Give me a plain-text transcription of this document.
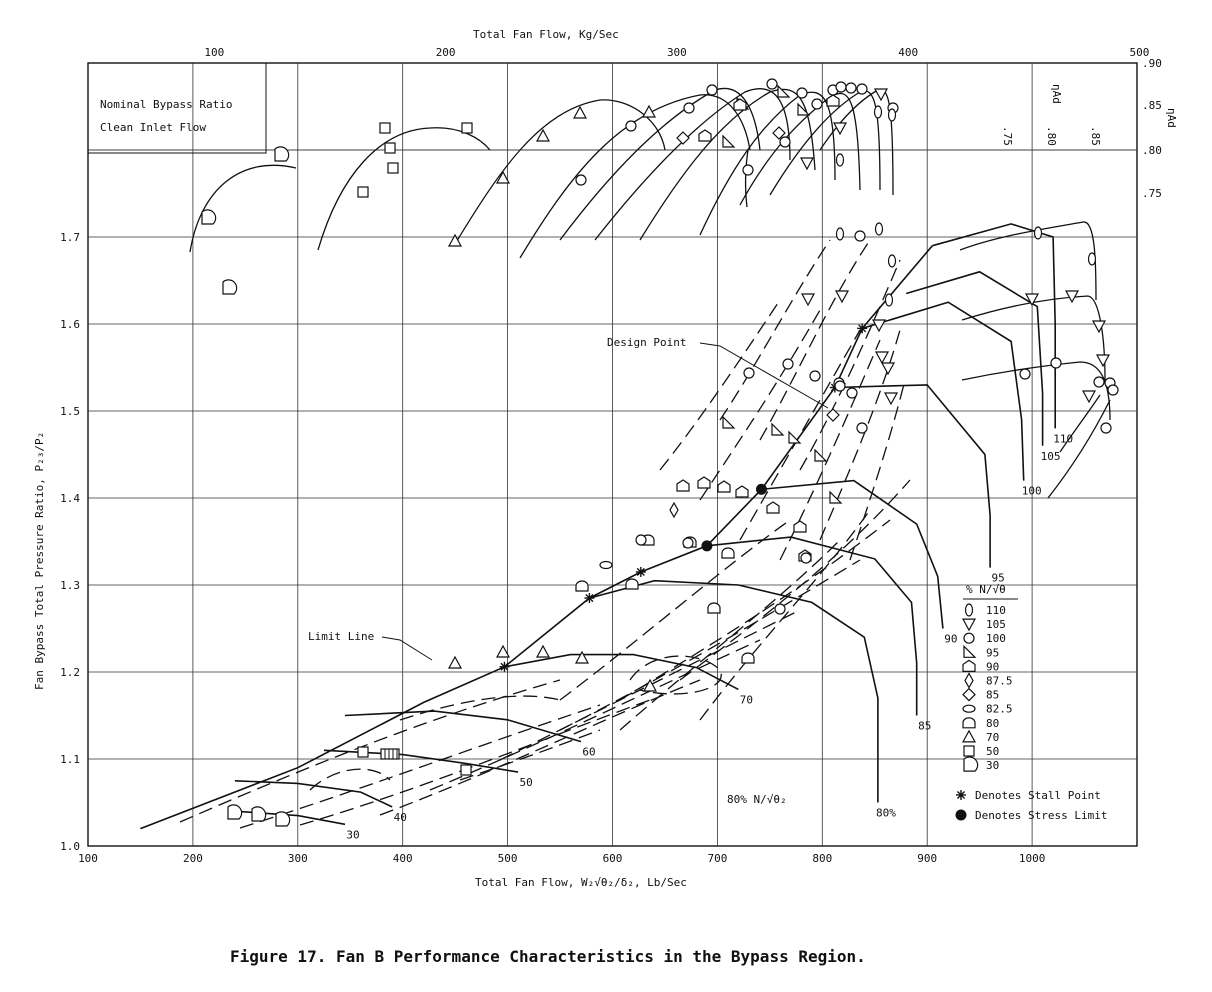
100	200	300	400	500	600	700	800	900	1000
1.0
1.1
1.2
1.3
1.4
1.5
1.6
1.7
100	200	300	400	500
.90
.85
.80
.75
.75	.80	.85
30
40
50
60
70
80%
85
90
95
100
105
110
Total Fan Flow, W₂√θ₂/δ₂, Lb/Sec
Total Fan Flow, Kg/Sec
Fan Bypass Total Pressure Ratio, P₂₃/P₂
ηAd
ηAd
Nominal Bypass Ratio
Clean Inlet Flow
Design Point
Limit Line
80% N/√θ₂
% N/√θ
110
105
100
95
90
87.5
85
82.5
80
70
50
30
Denotes Stall Point
Denotes Stress Limit
Figure 17. Fan B Performance Characteristics in the Bypass Region.
